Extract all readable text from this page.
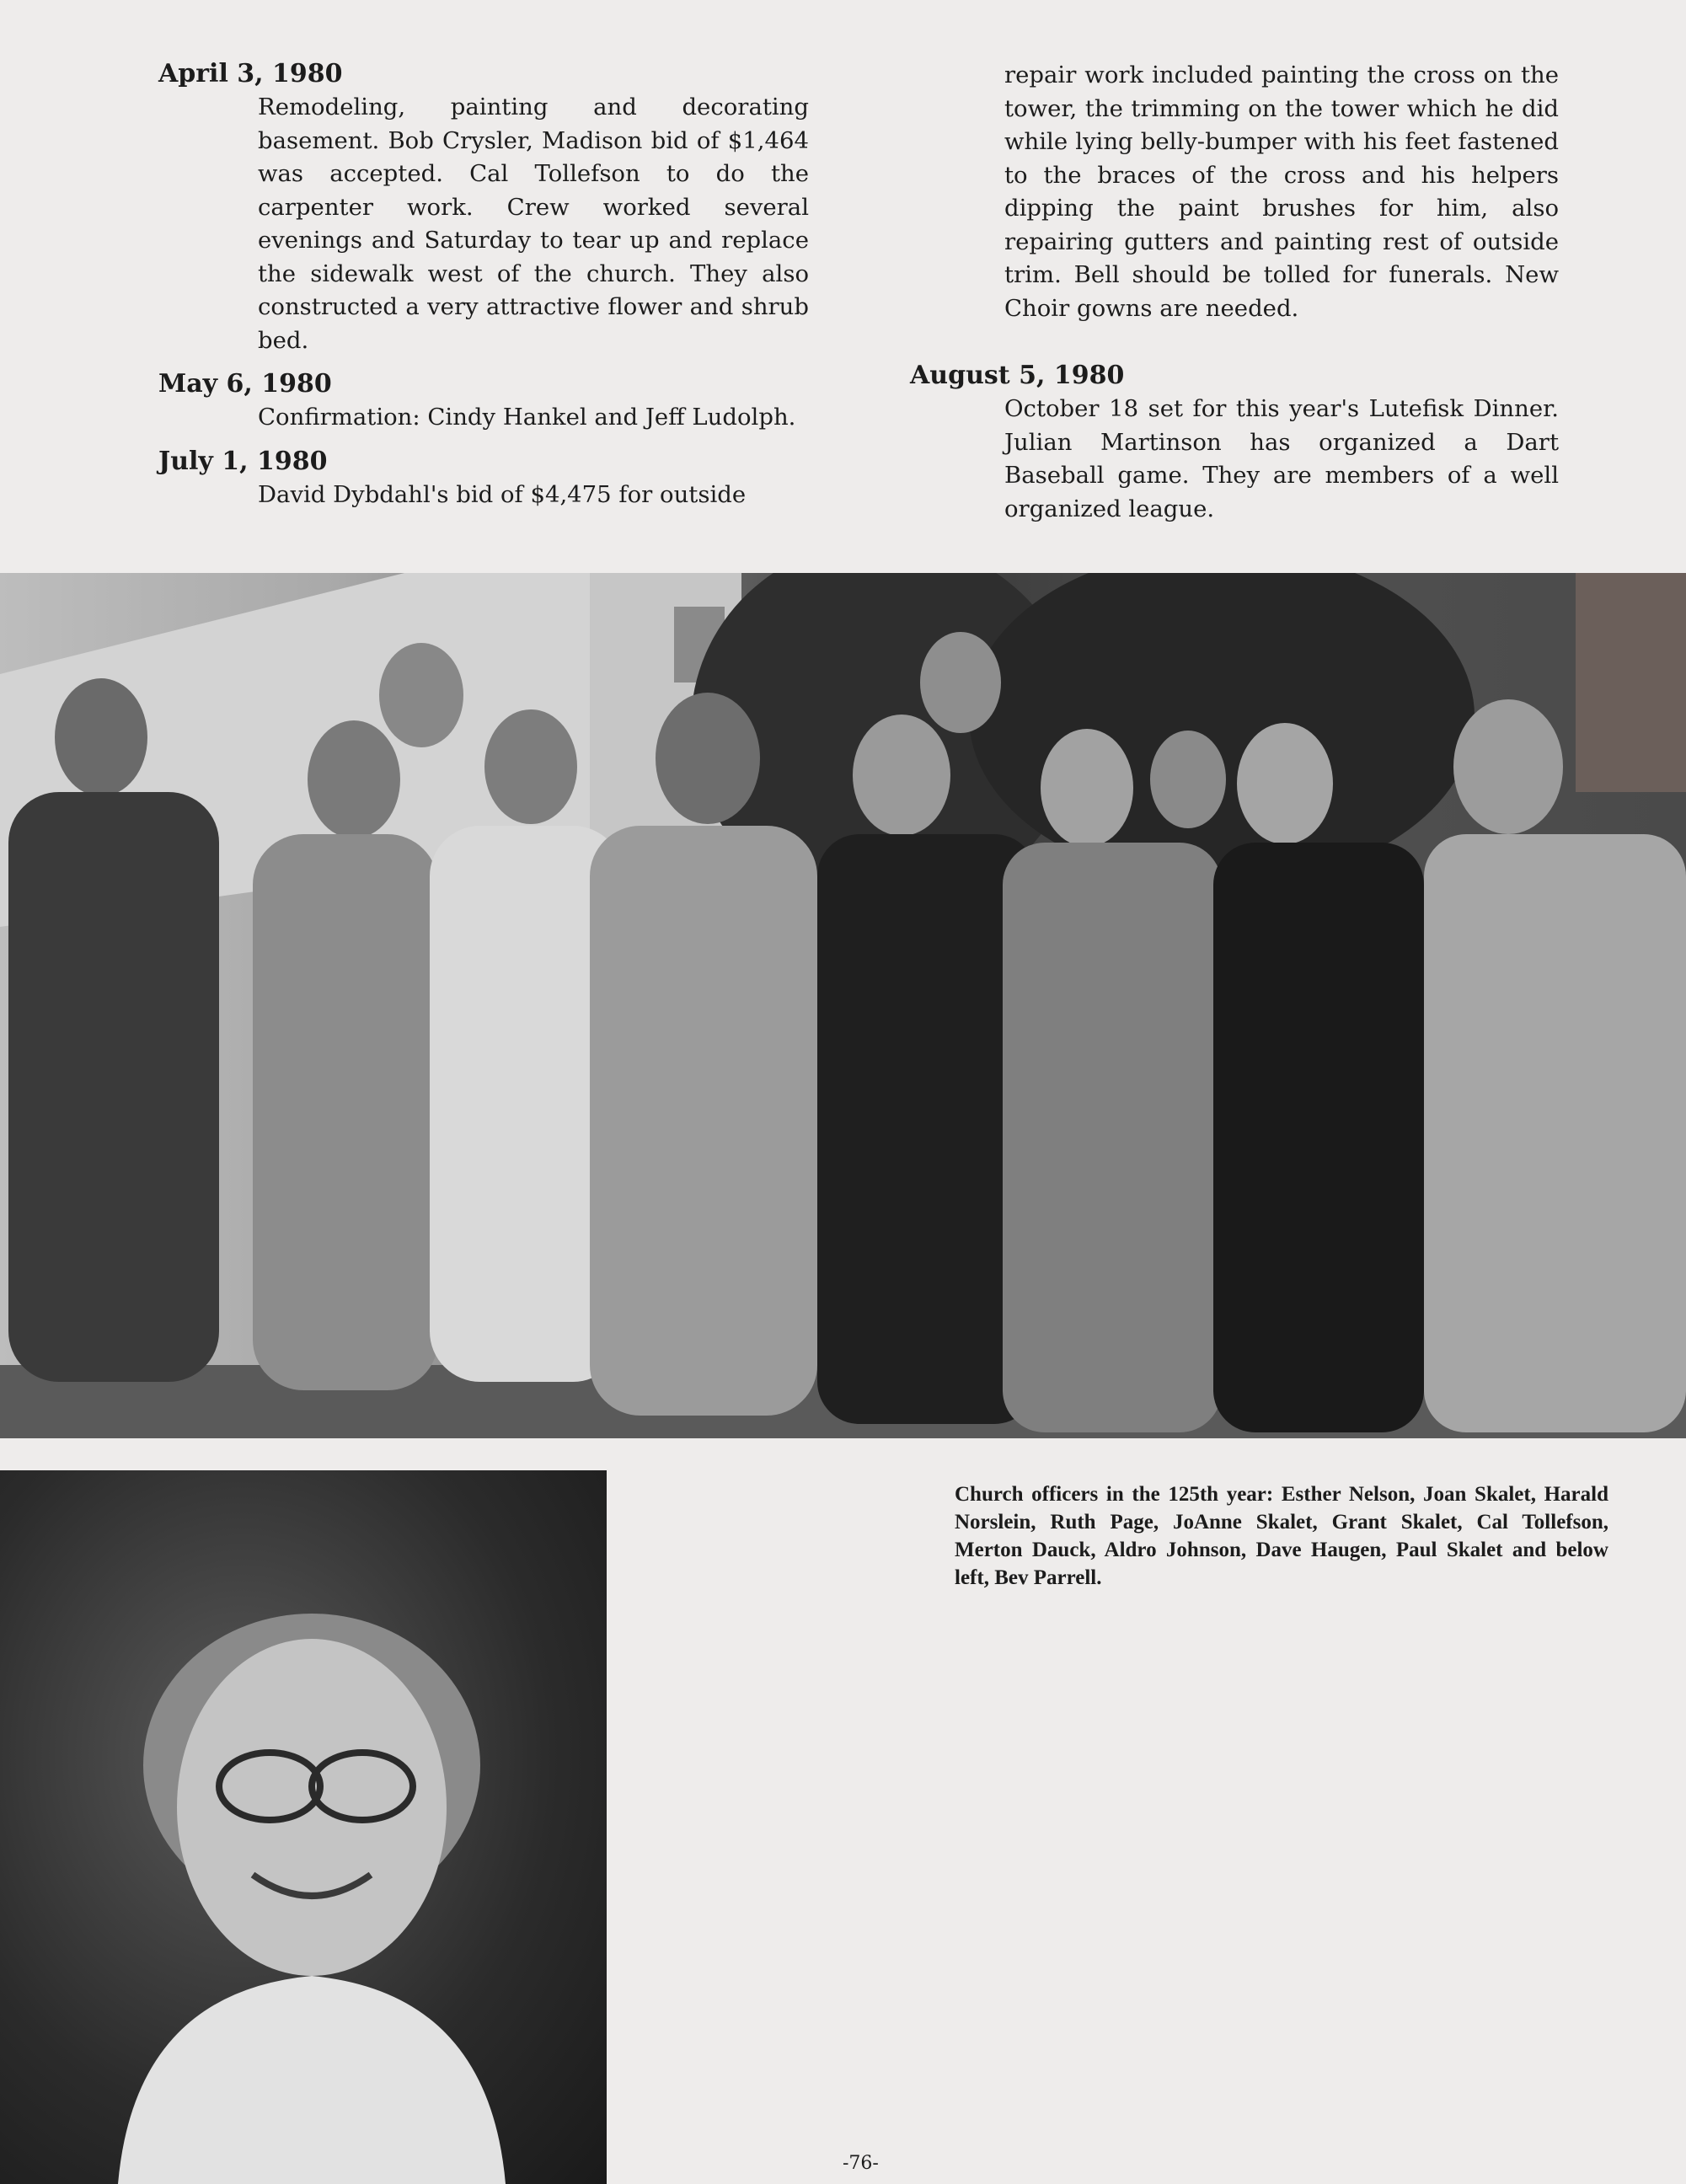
April 3, 1980
Remodeling, painting and decorating basement. Bob Crysler, Madison bid of $1,464 was accepted. Cal Tollefson to do the carpenter work. Crew worked several evenings and Saturday to tear up and replace the sidewalk west of the church. They also constructed a very attractive flower and shrub bed.
May 6, 1980
Confirmation: Cindy Hankel and Jeff Ludolph.
July 1, 1980
David Dybdahl's bid of $4,475 for outside
repair work included painting the cross on the tower, the trimming on the tower which he did while lying belly-bumper with his feet fastened to the braces of the cross and his helpers dipping the paint brushes for him, also repairing gutters and painting rest of outside trim. Bell should be tolled for funerals. New Choir gowns are needed.
August 5, 1980
October 18 set for this year's Lutefisk Dinner. Julian Martinson has organized a Dart Baseball game. They are members of a well organized league.
Church officers in the 125th year: Esther Nelson, Joan Skalet, Harald Norslein, Ruth Page, JoAnne Skalet, Grant Skalet, Cal Tollefson, Merton Dauck, Aldro Johnson, Dave Haugen, Paul Skalet and below left, Bev Parrell.
-76-
